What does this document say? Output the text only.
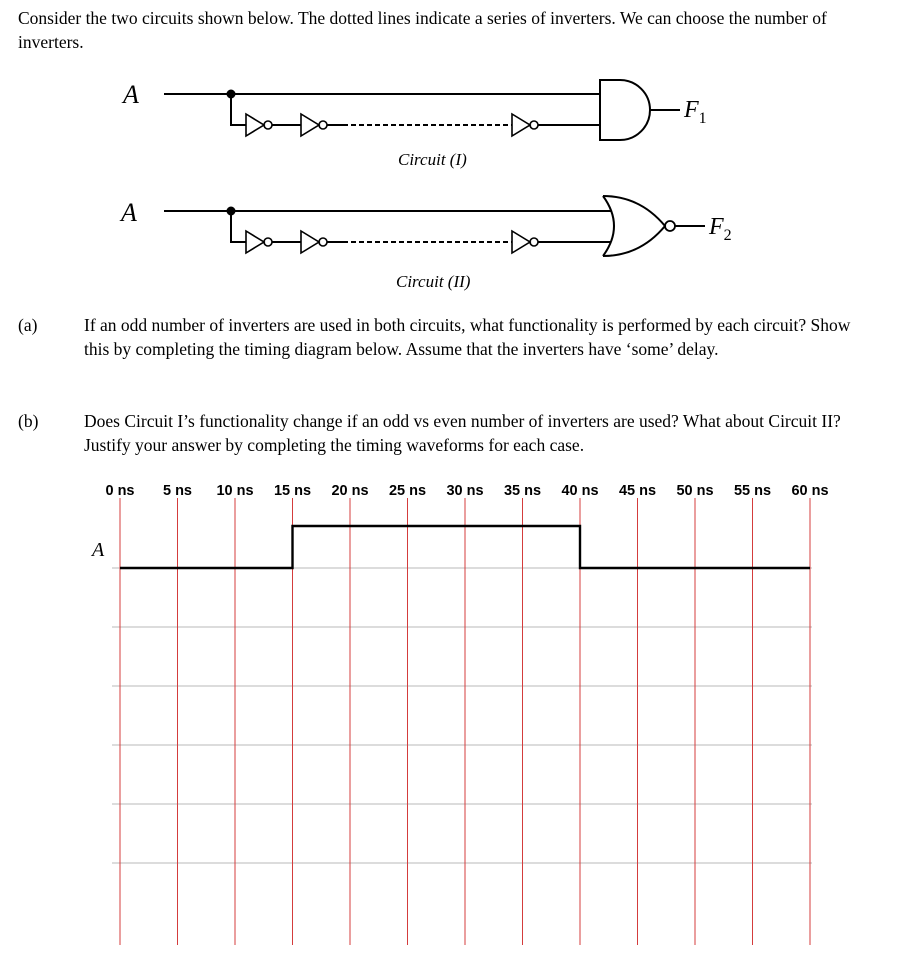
Consider the two circuits shown below. The dotted lines indicate a series of inverters. We can choose the number of inverters.

A
F1
Circuit (I)
A	F2
Circuit (II)
(a)	If an odd number of inverters are used in both circuits, what functionality is performed by each circuit? Show this by completing the timing diagram below. Assume that the inverters have ‘some’ delay.

(b)	Does Circuit I’s functionality change if an odd vs even number of inverters are used? What about Circuit II? Justify your answer by completing the timing waveforms for each case.

0 ns 5 ns 10 ns 15 ns 20 ns 25 ns 30 ns 35 ns 40 ns 45 ns 50 ns 55 ns 60 ns
A
